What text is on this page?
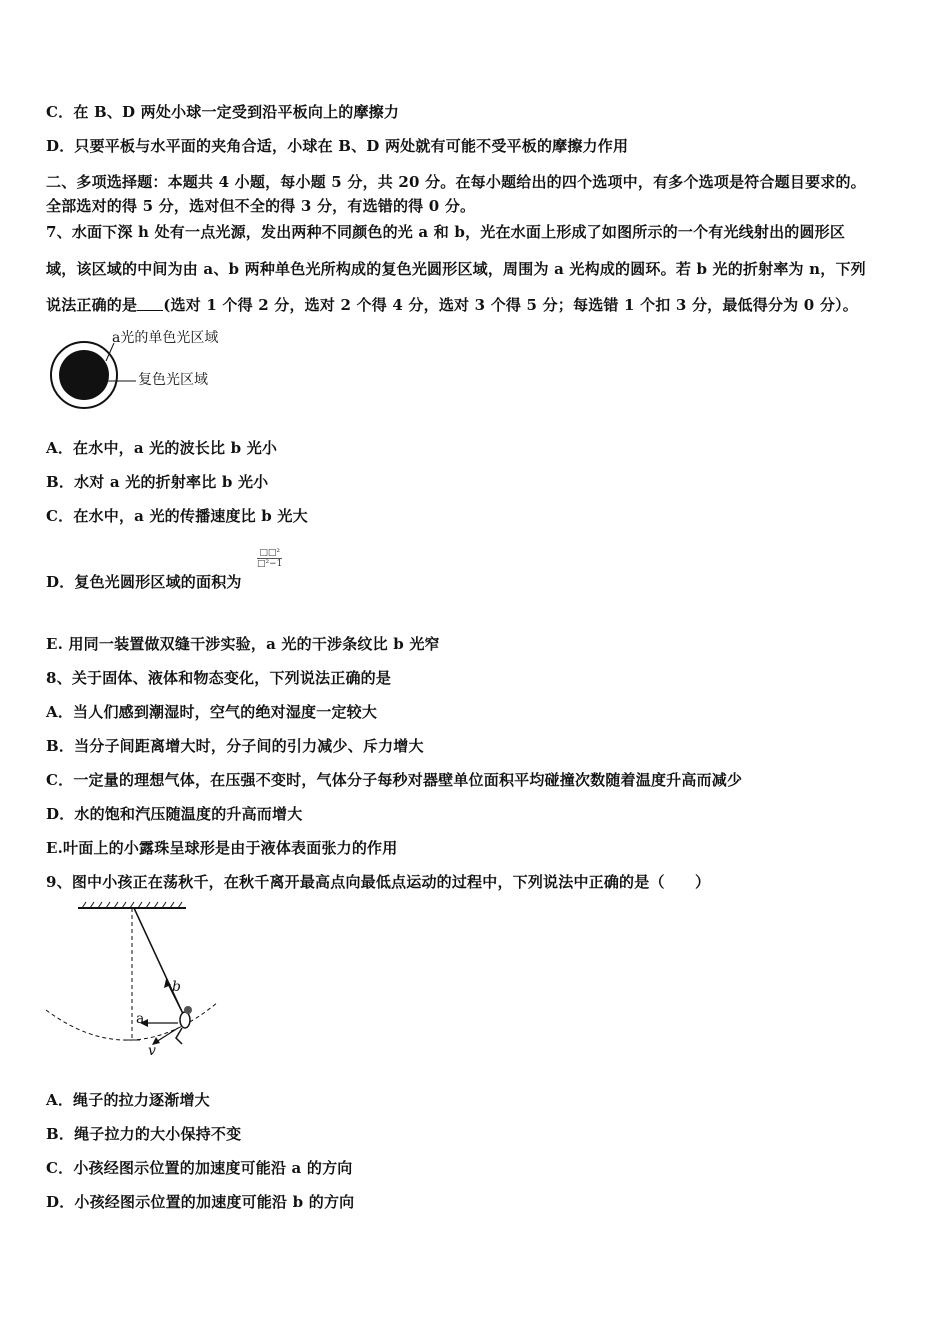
C．在 B、D 两处小球一定受到沿平板向上的摩擦力
D．只要平板与水平面的夹角合适，小球在 B、D 两处就有可能不受平板的摩擦力作用
二、多项选择题：本题共 4 小题，每小题 5 分，共 20 分。在每小题给出的四个选项中，有多个选项是符合题目要求的。
全部选对的得 5 分，选对但不全的得 3 分，有选错的得 0 分。
7、水面下深 h 处有一点光源，发出两种不同颜色的光 a 和 b，光在水面上形成了如图所示的一个有光线射出的圆形区
域，该区域的中间为由 a、b 两种单色光所构成的复色光圆形区域，周围为 a 光构成的圆环。若 b 光的折射率为 n，下列
说法正确的是 (选对 1 个得 2 分，选对 2 个得 4 分，选对 3 个得 5 分；每选错 1 个扣 3 分，最低得分为 0 分）。
a光的单色光区域
复色光区域
A．在水中，a 光的波长比 b 光小
B．水对 a 光的折射率比 b 光小
C．在水中，a 光的传播速度比 b 光大
D．复色光圆形区域的面积为
□□²
□²−1
E. 用同一装置做双缝干涉实验，a 光的干涉条纹比 b 光窄
8、关于固体、液体和物态变化，下列说法正确的是
A．当人们感到潮湿时，空气的绝对湿度一定较大
B．当分子间距离增大时，分子间的引力减少、斥力增大
C．一定量的理想气体，在压强不变时，气体分子每秒对器壁单位面积平均碰撞次数随着温度升高而减少
D．水的饱和汽压随温度的升高而增大
E.叶面上的小露珠呈球形是由于液体表面张力的作用
9、图中小孩正在荡秋千，在秋千离开最高点向最低点运动的过程中，下列说法中正确的是（　　）
b
a
v
A．绳子的拉力逐渐增大
B．绳子拉力的大小保持不变
C．小孩经图示位置的加速度可能沿 a 的方向
D．小孩经图示位置的加速度可能沿 b 的方向
